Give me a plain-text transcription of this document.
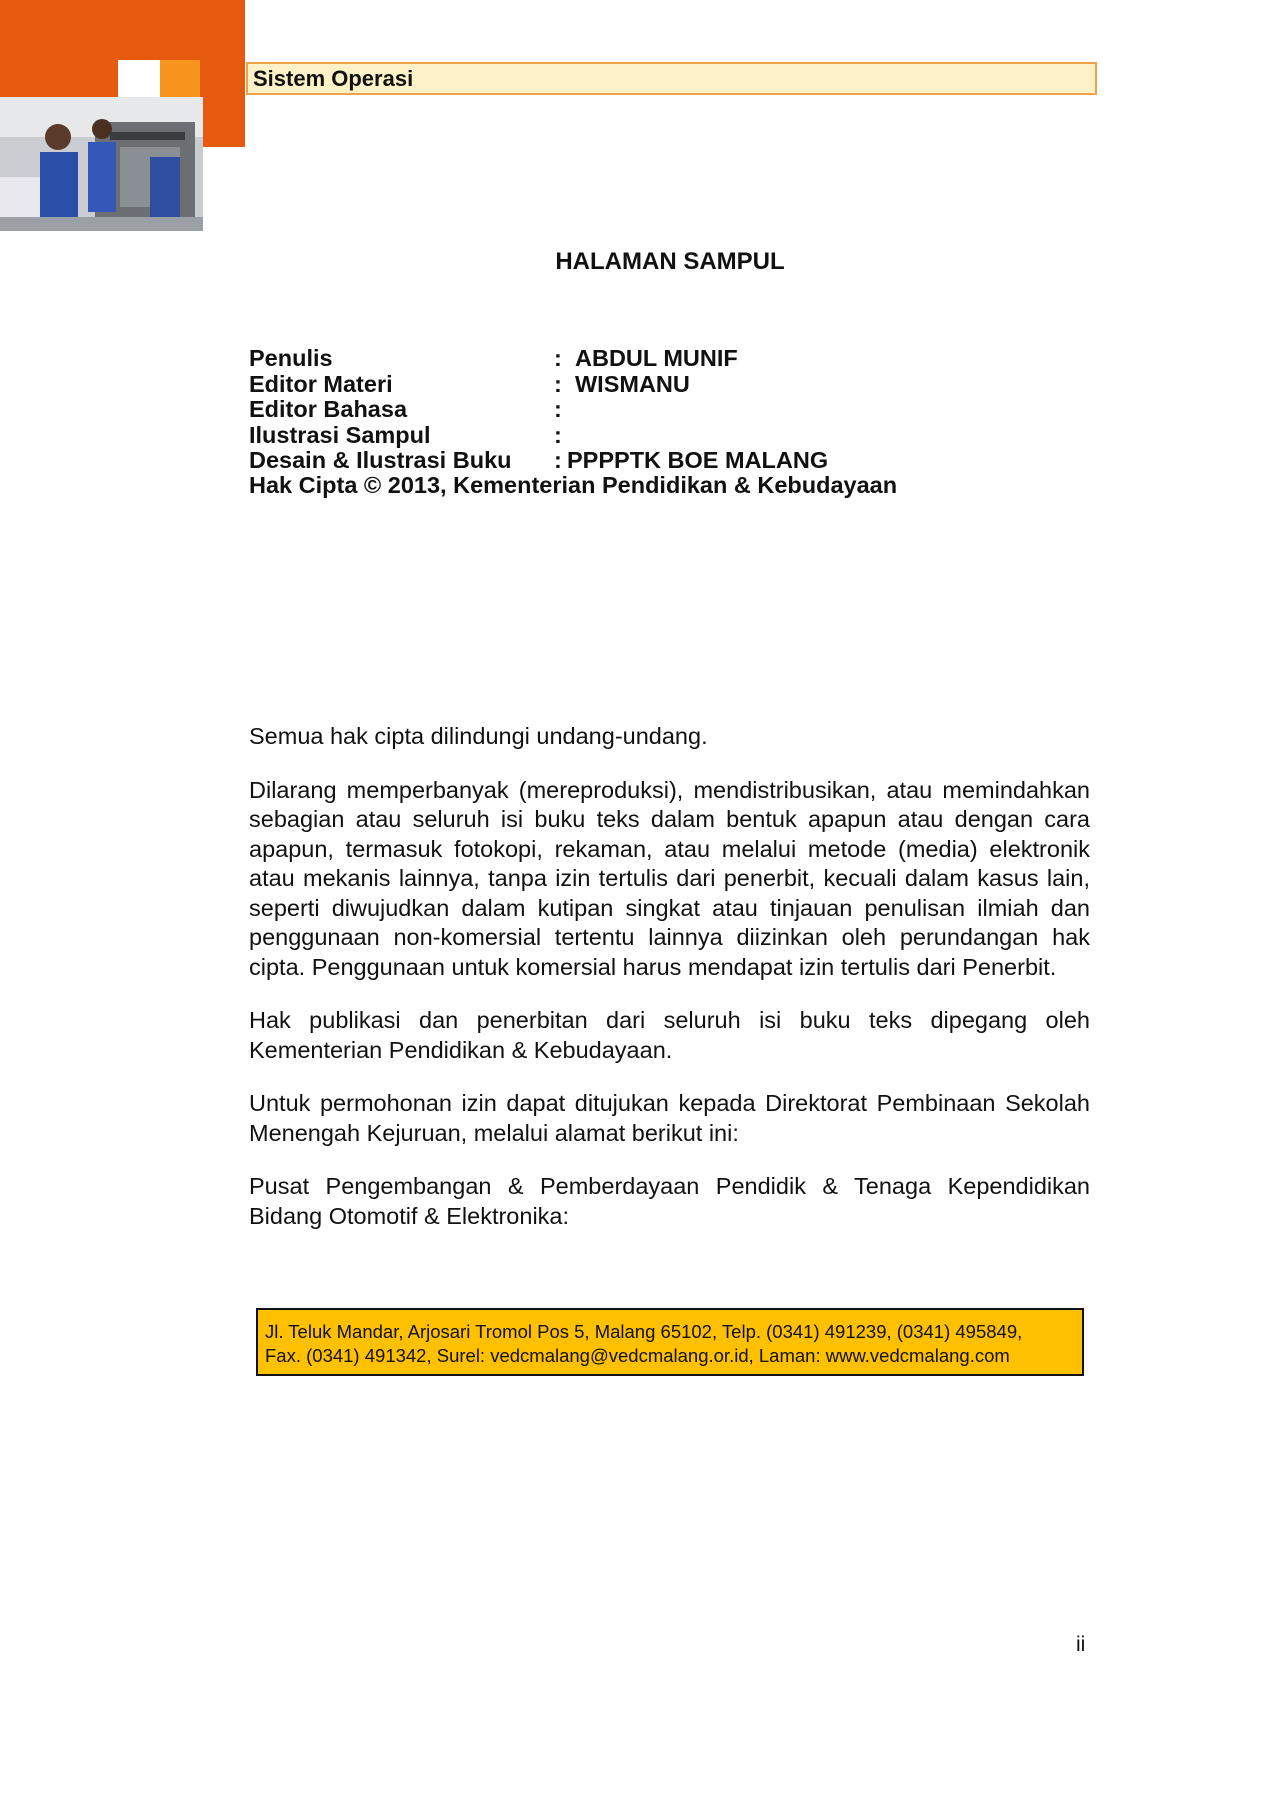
Sistem Operasi
HALAMAN SAMPUL
Penulis	: ABDUL MUNIF
Editor Materi	: WISMANU
Editor Bahasa	:
Ilustrasi Sampul	:
Desain & Ilustrasi Buku : PPPPTK BOE MALANG
Hak Cipta © 2013, Kementerian Pendidikan & Kebudayaan

Semua hak cipta dilindungi undang-undang.

Dilarang memperbanyak (mereproduksi), mendistribusikan, atau memindahkan sebagian atau seluruh isi buku teks dalam bentuk apapun atau dengan cara apapun, termasuk fotokopi, rekaman, atau melalui metode (media) elektronik atau mekanis lainnya, tanpa izin tertulis dari penerbit, kecuali dalam kasus lain, seperti diwujudkan dalam kutipan singkat atau tinjauan penulisan ilmiah dan penggunaan non-komersial tertentu lainnya diizinkan oleh perundangan hak cipta. Penggunaan untuk komersial harus mendapat izin tertulis dari Penerbit.

Hak publikasi dan penerbitan dari seluruh isi buku teks dipegang oleh Kementerian Pendidikan & Kebudayaan.

Untuk permohonan izin dapat ditujukan kepada Direktorat Pembinaan Sekolah Menengah Kejuruan, melalui alamat berikut ini:

Pusat Pengembangan & Pemberdayaan Pendidik & Tenaga Kependidikan Bidang Otomotif & Elektronika:

Jl. Teluk Mandar, Arjosari Tromol Pos 5, Malang 65102, Telp. (0341) 491239, (0341) 495849,
Fax. (0341) 491342, Surel: vedcmalang@vedcmalang.or.id, Laman: www.vedcmalang.com
ii
